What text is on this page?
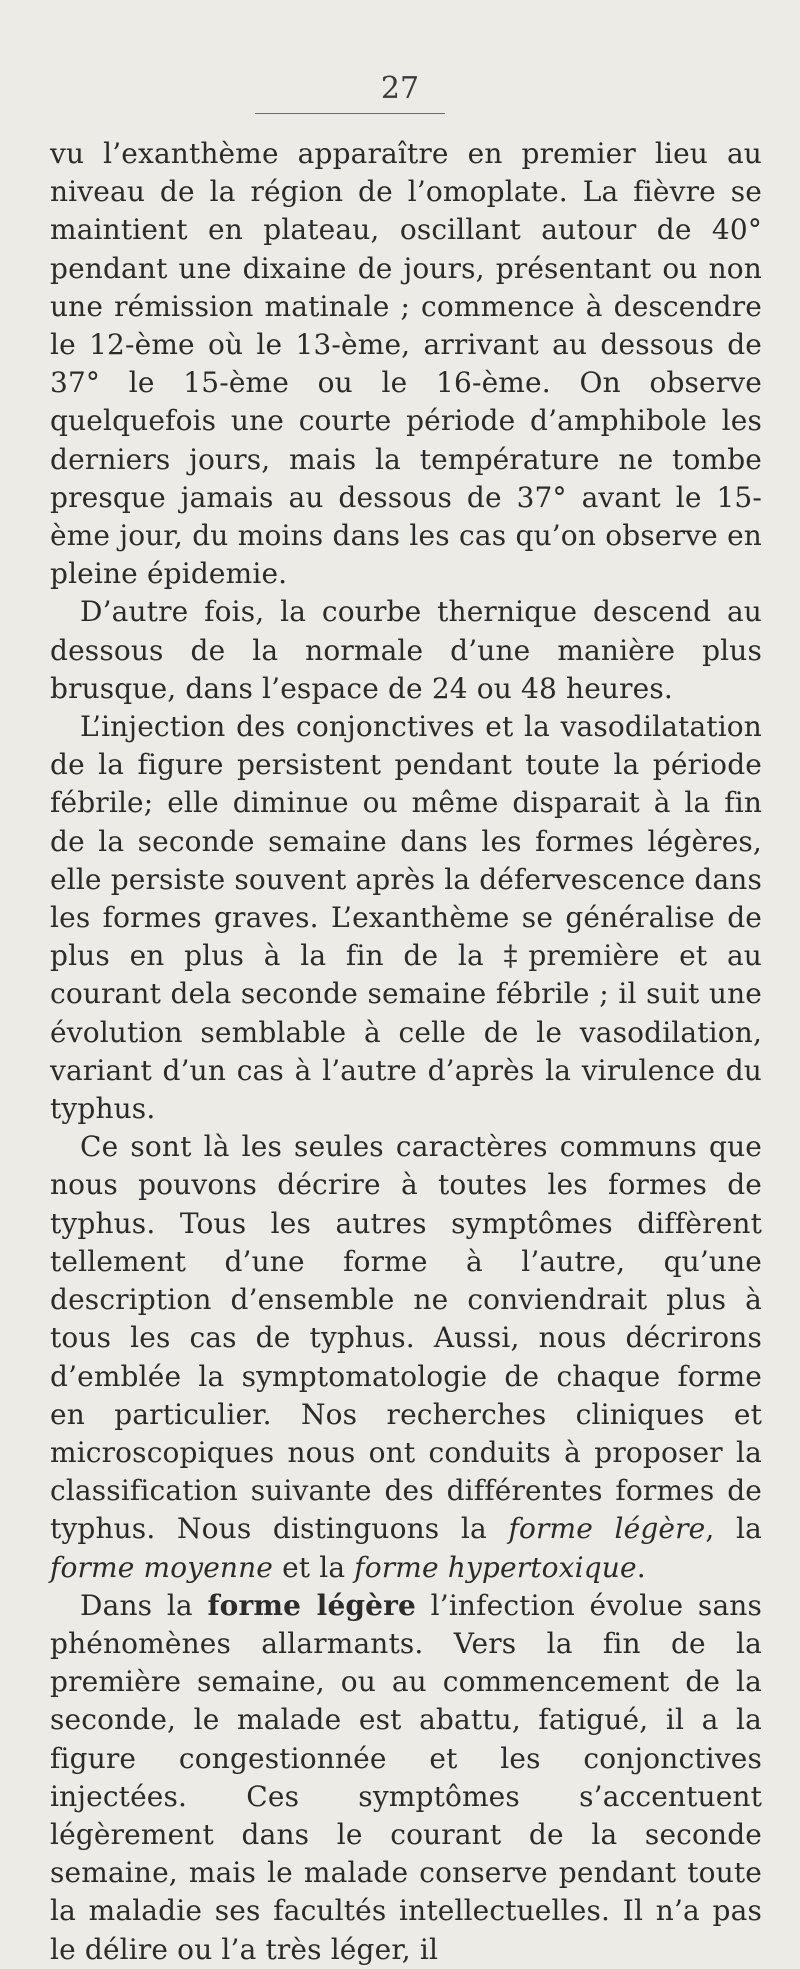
27

vu l’exanthème apparaître en premier lieu au niveau de la région de l’omoplate. La fièvre se maintient en plateau, oscillant autour de 40° pendant une dixaine de jours, présentant ou non une rémission matinale ; commence à descendre le 12-ème où le 13-ème, arrivant au dessous de 37° le 15-ème ou le 16-ème. On observe quelquefois une courte période d’amphibole les derniers jours, mais la température ne tombe presque jamais au dessous de 37° avant le 15-ème jour, du moins dans les cas qu’on observe en pleine épidemie.

D’autre fois, la courbe thernique descend au dessous de la normale d’une manière plus brusque, dans l’espace de 24 ou 48 heures.

L’injection des conjonctives et la vasodilatation de la figure persistent pendant toute la période fébrile; elle diminue ou même disparait à la fin de la seconde semaine dans les formes légères, elle persiste souvent après la défervescence dans les formes graves. L’exanthème se généralise de plus en plus à la fin de la ‡première et au courant dela seconde semaine fébrile ; il suit une évolution semblable à celle de le vasodilation, variant d’un cas à l’autre d’après la virulence du typhus.

Ce sont là les seules caractères communs que nous pouvons décrire à toutes les formes de typhus. Tous les autres symptômes diffèrent tellement d’une forme à l’autre, qu’une description d’ensemble ne conviendrait plus à tous les cas de typhus. Aussi, nous décrirons d’emblée la symptomatologie de chaque forme en particulier. Nos recherches cliniques et microscopiques nous ont conduits à proposer la classification suivante des différentes formes de typhus. Nous distinguons la forme légère, la forme moyenne et la forme hypertoxique.

Dans la forme légère l’infection évolue sans phénomènes allarmants. Vers la fin de la première semaine, ou au commencement de la seconde, le malade est abattu, fatigué, il a la figure congestionnée et les conjonctives injectées. Ces symptômes s’accentuent légèrement dans le courant de la seconde semaine, mais le malade conserve pendant toute la maladie ses facultés intellectuelles. Il n’a pas le délire ou l’a très léger, il
